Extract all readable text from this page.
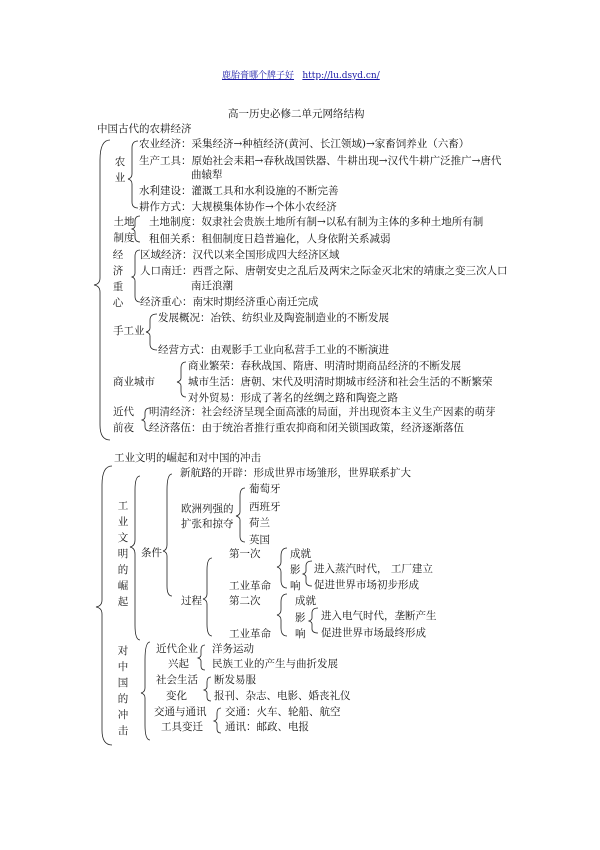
鹿胎膏哪个牌子好 http://lu.dsyd.cn/
高一历史必修二单元网络结构
中国古代的农耕经济
农业
农业经济：采集经济→种植经济(黄河、长江领域)→家畜饲养业（六畜）
生产工具：原始社会耒耜→春秋战国铁器、牛耕出现→汉代牛耕广泛推广→唐代
曲辕犁
水利建设：灌溉工具和水利设施的不断完善
耕作方式：大规模集体协作→个体小农经济
土地制度
土地制度：奴隶社会贵族土地所有制→以私有制为主体的多种土地所有制
租佃关系：租佃制度日趋普遍化，人身依附关系减弱
经济重心
区域经济：汉代以来全国形成四大经济区域
人口南迁：西晋之际、唐朝安史之乱后及两宋之际金灭北宋的靖康之变三次人口
南迁浪潮
经济重心：南宋时期经济重心南迁完成
手工业
发展概况：冶铁、纺织业及陶瓷制造业的不断发展
经营方式：由观影手工业向私营手工业的不断演进
商业城市
商业繁荣：春秋战国、隋唐、明清时期商品经济的不断发展
城市生活：唐朝、宋代及明清时期城市经济和社会生活的不断繁荣
对外贸易：形成了著名的丝绸之路和陶瓷之路
近代
前夜
明清经济：社会经济呈现全面高涨的局面，并出现资本主义生产因素的萌芽
经济落伍：由于统治者推行重农抑商和闭关锁国政策，经济逐渐落伍
工业文明的崛起和对中国的冲击
工业文明的崛起
条件
新航路的开辟：形成世界市场雏形，世界联系扩大
欧洲列强的
扩张和掠夺
葡萄牙
西班牙
荷兰
英国
过程
第一次
工业革命
成就
影
响
进入蒸汽时代， 工厂建立
促进世界市场初步形成
第二次
工业革命
成就
影
响
进入电气时代，垄断产生
促进世界市场最终形成
对中国的冲击
近代企业
兴起
洋务运动
民族工业的产生与曲折发展
社会生活
变化
断发易服
报刊、杂志、电影、婚丧礼仪
交通与通讯
工具变迁
交通：火车、轮船、航空
通讯：邮政、电报
